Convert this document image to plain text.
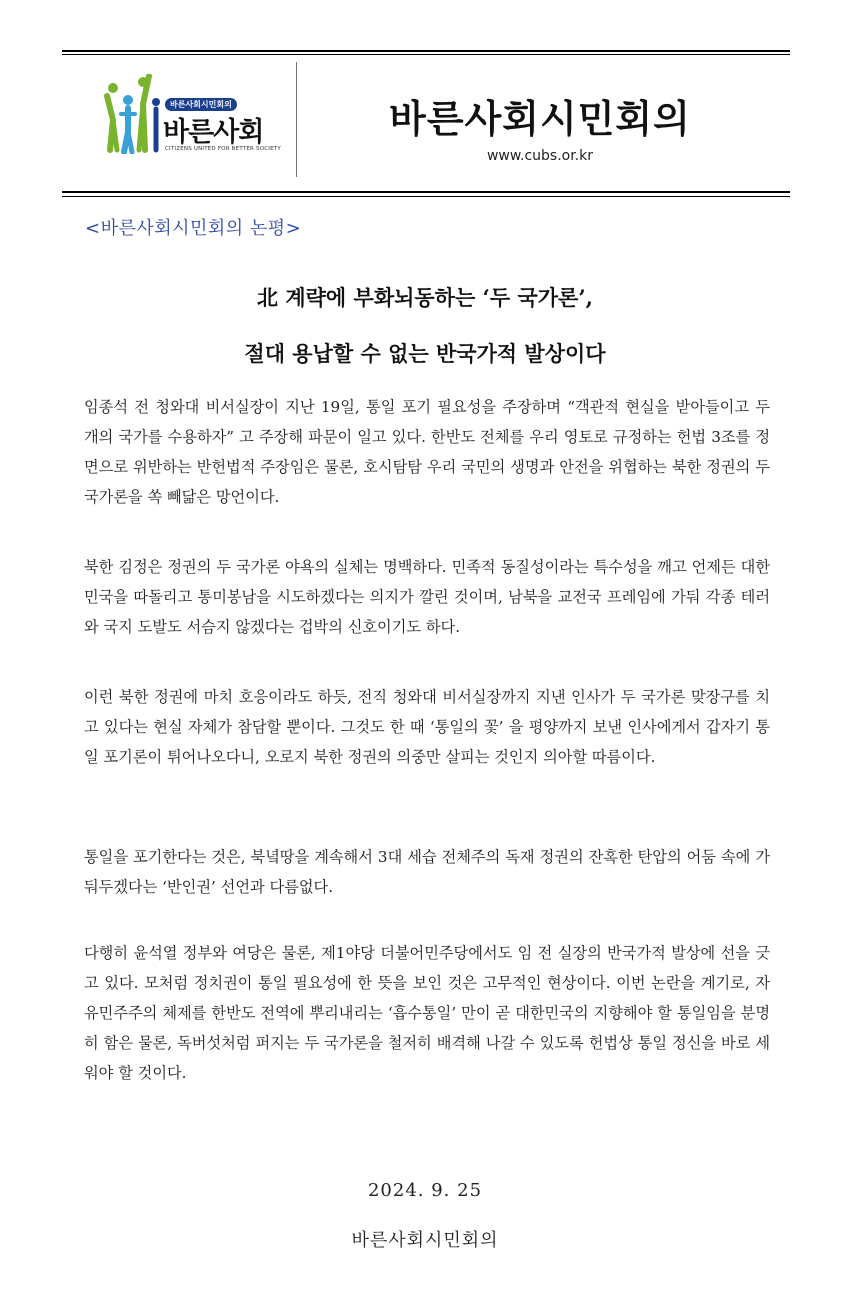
바른사회시민회의
바른사회
CITIZENS UNITED FOR BETTER SOCIETY
바른사회시민회의
www.cubs.or.kr
<바른사회시민회의 논평>
北 계략에 부화뇌동하는 ‘두 국가론’,
절대 용납할 수 없는 반국가적 발상이다

임종석 전 청와대 비서실장이 지난 19일, 통일 포기 필요성을 주장하며 “객관적 현실을 받아들이고 두 개의 국가를 수용하자” 고 주장해 파문이 일고 있다. 한반도 전체를 우리 영토로 규정하는 헌법 3조를 정면으로 위반하는 반헌법적 주장임은 물론, 호시탐탐 우리 국민의 생명과 안전을 위협하는 북한 정권의 두 국가론을 쏙 빼닮은 망언이다.

북한 김정은 정권의 두 국가론 야욕의 실체는 명백하다. 민족적 동질성이라는 특수성을 깨고 언제든 대한민국을 따돌리고 통미봉남을 시도하겠다는 의지가 깔린 것이며, 남북을 교전국 프레임에 가둬 각종 테러와 국지 도발도 서슴지 않겠다는 겁박의 신호이기도 하다.

이런 북한 정권에 마치 호응이라도 하듯, 전직 청와대 비서실장까지 지낸 인사가 두 국가론 맞장구를 치고 있다는 현실 자체가 참담할 뿐이다. 그것도 한 때 ‘통일의 꽃’ 을 평양까지 보낸 인사에게서 갑자기 통일 포기론이 튀어나오다니, 오로지 북한 정권의 의중만 살피는 것인지 의아할 따름이다.

통일을 포기한다는 것은, 북녘땅을 계속해서 3대 세습 전체주의 독재 정권의 잔혹한 탄압의 어둠 속에 가둬두겠다는 ‘반인권’ 선언과 다름없다.

다행히 윤석열 정부와 여당은 물론, 제1야당 더불어민주당에서도 임 전 실장의 반국가적 발상에 선을 긋고 있다. 모처럼 정치권이 통일 필요성에 한 뜻을 보인 것은 고무적인 현상이다. 이번 논란을 계기로, 자유민주주의 체제를 한반도 전역에 뿌리내리는 ‘흡수통일’ 만이 곧 대한민국의 지향해야 할 통일임을 분명히 함은 물론, 독버섯처럼 퍼지는 두 국가론을 철저히 배격해 나갈 수 있도록 헌법상 통일 정신을 바로 세워야 할 것이다.

2024. 9. 25
바른사회시민회의
